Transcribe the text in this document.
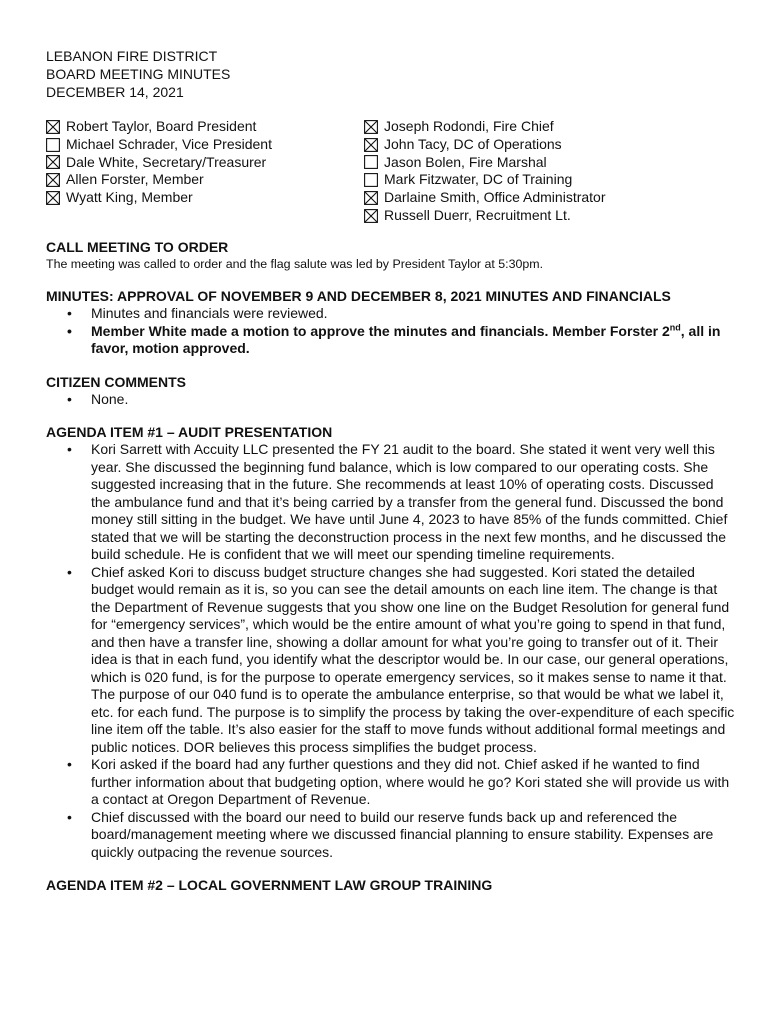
LEBANON FIRE DISTRICT
BOARD MEETING MINUTES
DECEMBER 14, 2021
Robert Taylor, Board President
Michael Schrader, Vice President
Dale White, Secretary/Treasurer
Allen Forster, Member
Wyatt King, Member
Joseph Rodondi, Fire Chief
John Tacy, DC of Operations
Jason Bolen, Fire Marshal
Mark Fitzwater, DC of Training
Darlaine Smith, Office Administrator
Russell Duerr, Recruitment Lt.
CALL MEETING TO ORDER

The meeting was called to order and the flag salute was led by President Taylor at 5:30pm.

MINUTES: APPROVAL OF NOVEMBER 9 AND DECEMBER 8, 2021 MINUTES AND FINANCIALS
• Minutes and financials were reviewed.
• Member White made a motion to approve the minutes and financials. Member Forster 2nd, all in favor, motion approved.
CITIZEN COMMENTS
• None.
AGENDA ITEM #1 – AUDIT PRESENTATION
• Kori Sarrett with Accuity LLC presented the FY 21 audit to the board. She stated it went very well this year. She discussed the beginning fund balance, which is low compared to our operating costs. She suggested increasing that in the future. She recommends at least 10% of operating costs. Discussed the ambulance fund and that it’s being carried by a transfer from the general fund. Discussed the bond money still sitting in the budget. We have until June 4, 2023 to have 85% of the funds committed. Chief stated that we will be starting the deconstruction process in the next few months, and he discussed the build schedule. He is confident that we will meet our spending timeline requirements.
• Chief asked Kori to discuss budget structure changes she had suggested. Kori stated the detailed budget would remain as it is, so you can see the detail amounts on each line item. The change is that the Department of Revenue suggests that you show one line on the Budget Resolution for general fund for “emergency services”, which would be the entire amount of what you’re going to spend in that fund, and then have a transfer line, showing a dollar amount for what you’re going to transfer out of it. Their idea is that in each fund, you identify what the descriptor would be. In our case, our general operations, which is 020 fund, is for the purpose to operate emergency services, so it makes sense to name it that. The purpose of our 040 fund is to operate the ambulance enterprise, so that would be what we label it, etc. for each fund. The purpose is to simplify the process by taking the over-expenditure of each specific line item off the table. It’s also easier for the staff to move funds without additional formal meetings and public notices. DOR believes this process simplifies the budget process.
• Kori asked if the board had any further questions and they did not. Chief asked if he wanted to find further information about that budgeting option, where would he go? Kori stated she will provide us with a contact at Oregon Department of Revenue.
• Chief discussed with the board our need to build our reserve funds back up and referenced the board/management meeting where we discussed financial planning to ensure stability. Expenses are quickly outpacing the revenue sources.
AGENDA ITEM #2 – LOCAL GOVERNMENT LAW GROUP TRAINING
